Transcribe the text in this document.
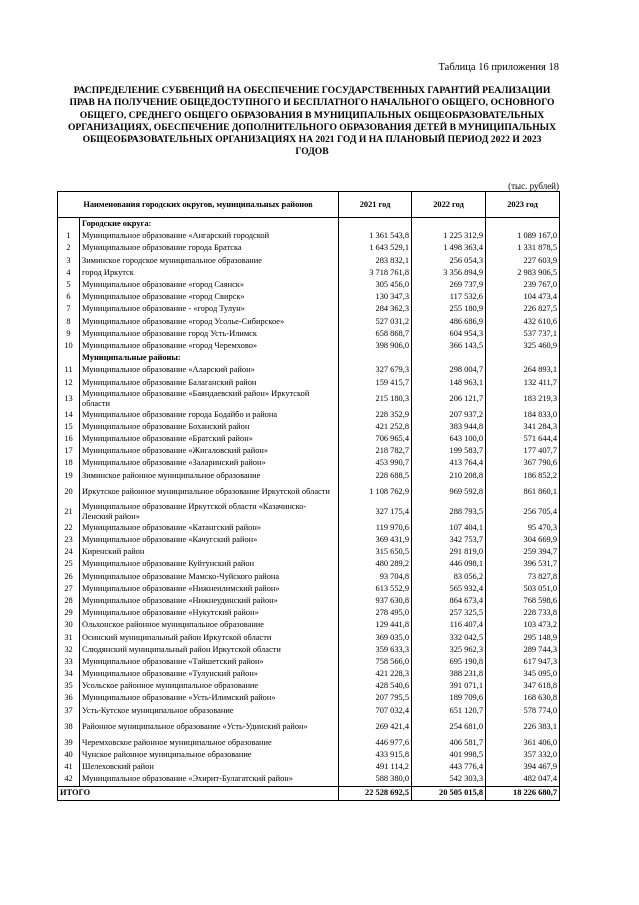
Таблица 16 приложения 18
РАСПРЕДЕЛЕНИЕ СУБВЕНЦИЙ НА ОБЕСПЕЧЕНИЕ ГОСУДАРСТВЕННЫХ ГАРАНТИЙ РЕАЛИЗАЦИИ
ПРАВ НА ПОЛУЧЕНИЕ ОБЩЕДОСТУПНОГО И БЕСПЛАТНОГО НАЧАЛЬНОГО ОБЩЕГО, ОСНОВНОГО
ОБЩЕГО, СРЕДНЕГО ОБЩЕГО ОБРАЗОВАНИЯ В МУНИЦИПАЛЬНЫХ ОБЩЕОБРАЗОВАТЕЛЬНЫХ
ОРГАНИЗАЦИЯХ, ОБЕСПЕЧЕНИЕ ДОПОЛНИТЕЛЬНОГО ОБРАЗОВАНИЯ ДЕТЕЙ В МУНИЦИПАЛЬНЫХ
ОБЩЕОБРАЗОВАТЕЛЬНЫХ ОРГАНИЗАЦИЯХ НА 2021 ГОД И НА ПЛАНОВЫЙ ПЕРИОД 2022 И 2023
ГОДОВ
(тыс. рублей)
Наименования городских округов, муниципальных районов		2021 год	2022 год	2023 год
	Городские округа:			
1	Муниципальное образование «Ангарский городской	1 361 543,8	1 225 312,9	1 089 167,0
2	Муниципальное образование города Братска	1 643 529,1	1 498 363,4	1 331 878,5
3	Зиминское городское муниципальное образование	283 832,1	256 054,3	227 603,9
4	город Иркутск	3 718 761,8	3 356 894,9	2 983 906,5
5	Муниципальное образование «город Саянск»	305 456,0	269 737,9	239 767,0
6	Муниципальное образование «город Свирск»	130 347,3	117 532,6	104 473,4
7	Муниципальное образование - «город Тулун»	284 362,3	255 180,9	226 827,5
8	Муниципальное образование «город Усолье-Сибирское»	527 031,2	486 686,9	432 610,6
9	Муниципальное образование город Усть-Илимск	658 868,7	604 954,3	537 737,1
10	Муниципальное образование «город Черемхово»	398 906,0	366 143,5	325 460,9
	Муниципальные районы:			
11	Муниципальное образование «Аларский район»	327 679,3	298 004,7	264 893,1
12	Муниципальное образование Балаганский район	159 415,7	148 963,1	132 411,7
13	Муниципальное образование «Баяндаевский район» Иркутской области	215 180,3	206 121,7	183 219,3
14	Муниципальное образование города Бодайбо и района	228 352,9	207 937,2	184 833,0
15	Муниципальное образование Боханский район	421 252,8	383 944,8	341 284,3
16	Муниципальное образование «Братский район»	706 965,4	643 100,0	571 644,4
17	Муниципальное образование «Жигаловский район»	218 782,7	199 583,7	177 407,7
18	Муниципальное образование «Заларинский район»	453 990,7	413 764,4	367 790,6
19	Зиминское районное муниципальное образование	228 688,5	210 208,8	186 852,2
20	Иркутское районное муниципальное образование Иркутской области	1 108 762,9	969 592,8	861 860,1
21	Муниципальное образование Иркутской области «Казачинско-Ленский район»	327 175,4	288 793,5	256 705,4
22	Муниципальное образование «Катангский район»	119 970,6	107 404,1	95 470,3
23	Муниципальное образование «Качугский район»	369 431,9	342 753,7	304 669,9
24	Киренский район	315 650,5	291 819,0	259 394,7
25	Муниципальное образование Куйтунский район	480 289,2	446 098,1	396 531,7
26	Муниципальное образование Мамско-Чуйского района	93 704,8	83 056,2	73 827,8
27	Муниципальное образование «Нижнеилимский район»	613 552,9	565 932,4	503 051,0
28	Муниципальное образование «Нижнеудинский район»	937 630,8	864 673,4	768 598,6
29	Муниципальное образование «Нукутский район»	278 495,0	257 325,5	228 733,8
30	Ольхонское районное муниципальное образование	129 441,8	116 407,4	103 473,2
31	Осинский муниципальный район Иркутской области	369 035,0	332 042,5	295 148,9
32	Слюдянский муниципальный район Иркутской области	359 633,3	325 962,3	289 744,3
33	Муниципальное образование «Тайшетский район»	758 566,0	695 190,8	617 947,3
34	Муниципальное образование «Тулунский район»	421 228,3	388 231,8	345 095,0
35	Усольское районное муниципальное образование	428 540,6	391 071,1	347 618,8
36	Муниципальное образование «Усть-Илимский район»	207 795,5	189 709,6	168 630,8
37	Усть-Кутское муниципальное образование	707 032,4	651 120,7	578 774,0
38	Районное муниципальное образование «Усть-Удинский район»	269 421,4	254 681,0	226 383,1
39	Черемховское районное муниципальное образование	446 977,6	406 581,7	361 406,0
40	Чунское районное муниципальное образование	433 915,8	401 998,5	357 332,0
41	Шелеховский район	491 114,2	443 776,4	394 467,9
42	Муниципальное образование «Эхирит-Булагатский район»	588 380,0	542 303,3	482 047,4
ИТОГО		22 528 692,5	20 505 015,8	18 226 680,7
